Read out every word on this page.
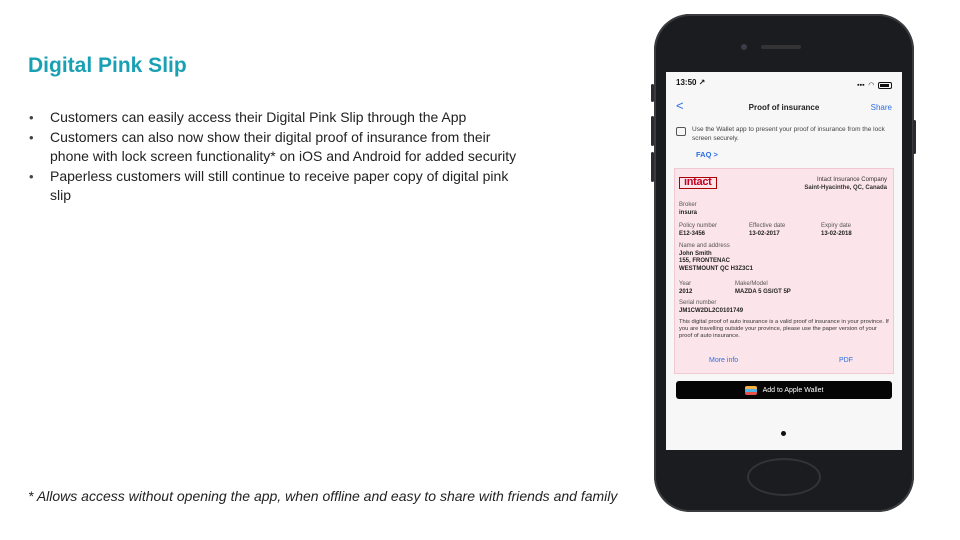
Digital Pink Slip
• Customers can easily access their Digital Pink Slip through the App
• Customers can also now show their digital proof of insurance from their phone with lock screen functionality* on iOS and Android for added security
• Paperless customers will still continue to receive paper copy of digital pink slip
* Allows access without opening the app, when offline and easy to share with friends and family
13:50 ↗	▪▪▪ ◠
<	Proof of insurance	Share
Use the Wallet app to present your proof of insurance from the lock screen securely.
FAQ >
intact	Intact Insurance Company
Saint-Hyacinthe, QC, Canada
Broker
insura
Policy number
E12-3456
Effective date
13-02-2017
Expiry date
13-02-2018
Name and address
John Smith
155, FRONTENAC
WESTMOUNT QC H3Z3C1
Year
2012
Make/Model
MAZDA 5 GS/GT 5P
Serial number
JM1CW2DL2C0101749
This digital proof of auto insurance is a valid proof of insurance in your province. If you are travelling outside your province, please use the paper version of your proof of auto insurance.
More info	PDF
Add to Apple Wallet
